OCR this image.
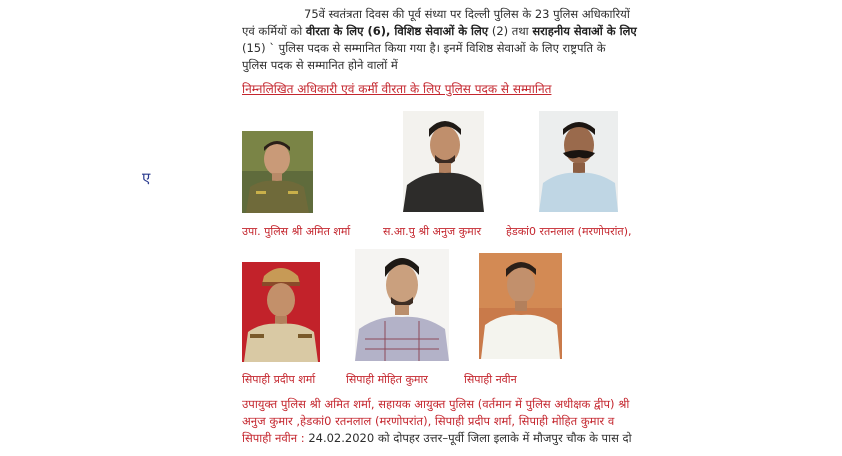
75वें स्वतंत्रता दिवस की पूर्व संध्या पर दिल्ली पुलिस के 23 पुलिस अधिकारियों
एवं कर्मियों को वीरता के लिए (6), विशिष्ठ सेवाओं के लिए (2) तथा सराहनीय सेवाओं के लिए
(15) ` पुलिस पदक से सम्मानित किया गया है। इनमें विशिष्ठ सेवाओं के लिए राष्ट्रपति के
पुलिस पदक से सम्मानित होने वालों में
निम्नलिखित अधिकारी एवं कर्मी वीरता के लिए पुलिस पदक से सम्मानित
ए
उपा. पुलिस श्री अमित शर्मा	स.आ.पु श्री अनुज कुमार हेडकां0 रतनलाल (मरणोपरांत),
सिपाही प्रदीप शर्मा	सिपाही मोहित कुमार	सिपाही नवीन
उपायुक्त पुलिस श्री अमित शर्मा, सहायक आयुक्त पुलिस (वर्तमान में पुलिस अधीक्षक द्वीप) श्री
अनुज कुमार ,हेडकां0 रतनलाल (मरणोपरांत), सिपाही प्रदीप शर्मा, सिपाही मोहित कुमार व
सिपाही नवीन : 24.02.2020 को दोपहर उत्तर–पूर्वी जिला इलाके में मौजपुर चौक के पास दो
